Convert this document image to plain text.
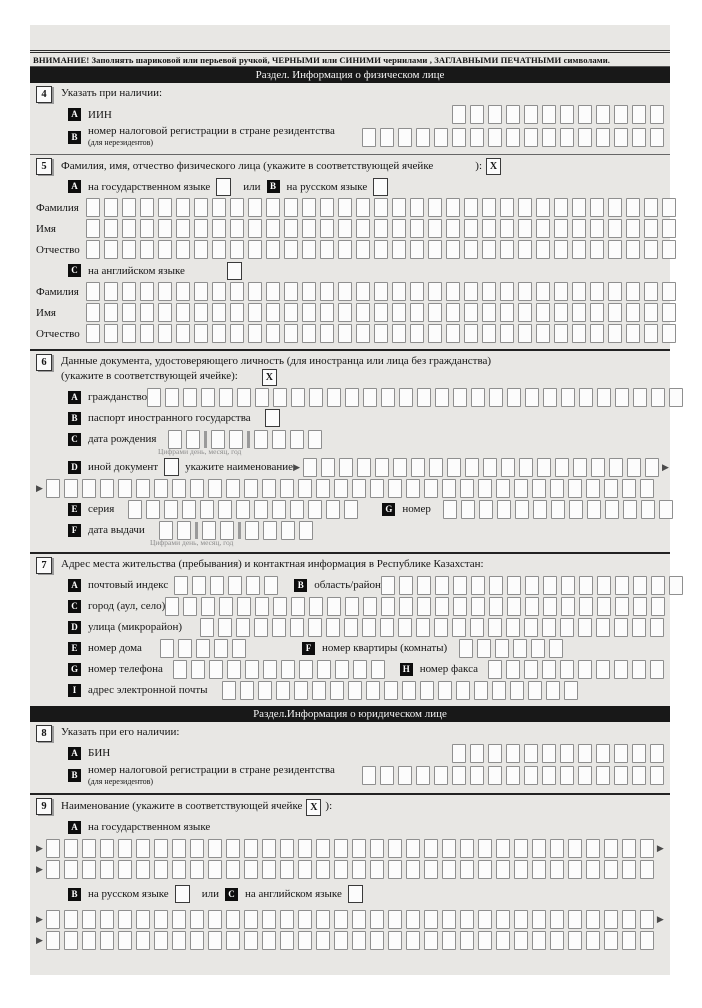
ВНИМАНИЕ! Заполнять шариковой или перьевой ручкой, ЧЕРНЫМИ или СИНИМИ чернилами , ЗАГЛАВНЫМИ ПЕЧАТНЫМИ символами.
Раздел. Информация о физическом лице
4	Указать при наличии:
A ИИН
B номер налоговой регистрации в стране резидентства
(для нерезидентов)
5	Фамилия, имя, отчество физического лица (укажите в соответствующей ячейке	): X
A на государственном языке	или	B на русском языке
Фамилия
Имя
Отчество
C на английском языке
Фамилия
Имя
Отчество
6	Данные документа, удостоверяющего личность (для иностранца или лица без гражданства)

(укажите в соответствующей ячейке):	X
A гражданство
B паспорт иностранного государства
C дата рождения
Цифрами день, месяц, год
D иной документ укажите наименование ▶	▶
▶
E серия	G номер
F дата выдачи
Цифрами день, месяц, год
7	Адрес места жительства (пребывания) и контактная информация в Республике Казахстан:
A почтовый индекс	B область/район
C город (аул, село)
D улица (микрорайон)
E номер дома	F номер квартиры (комнаты)
G номер телефона	H номер факса
I	адрес электронной почты
Раздел.Информация о юридическом лице
8	Указать при его наличии:
A БИН
B номер налоговой регистрации в стране резидентства
(для нерезидентов)
9	Наименование (укажите в соответствующей ячейке X ):
A на государственном языке
▶	▶
▶
B на русском языке	или	C на английском языке
▶	▶
▶
